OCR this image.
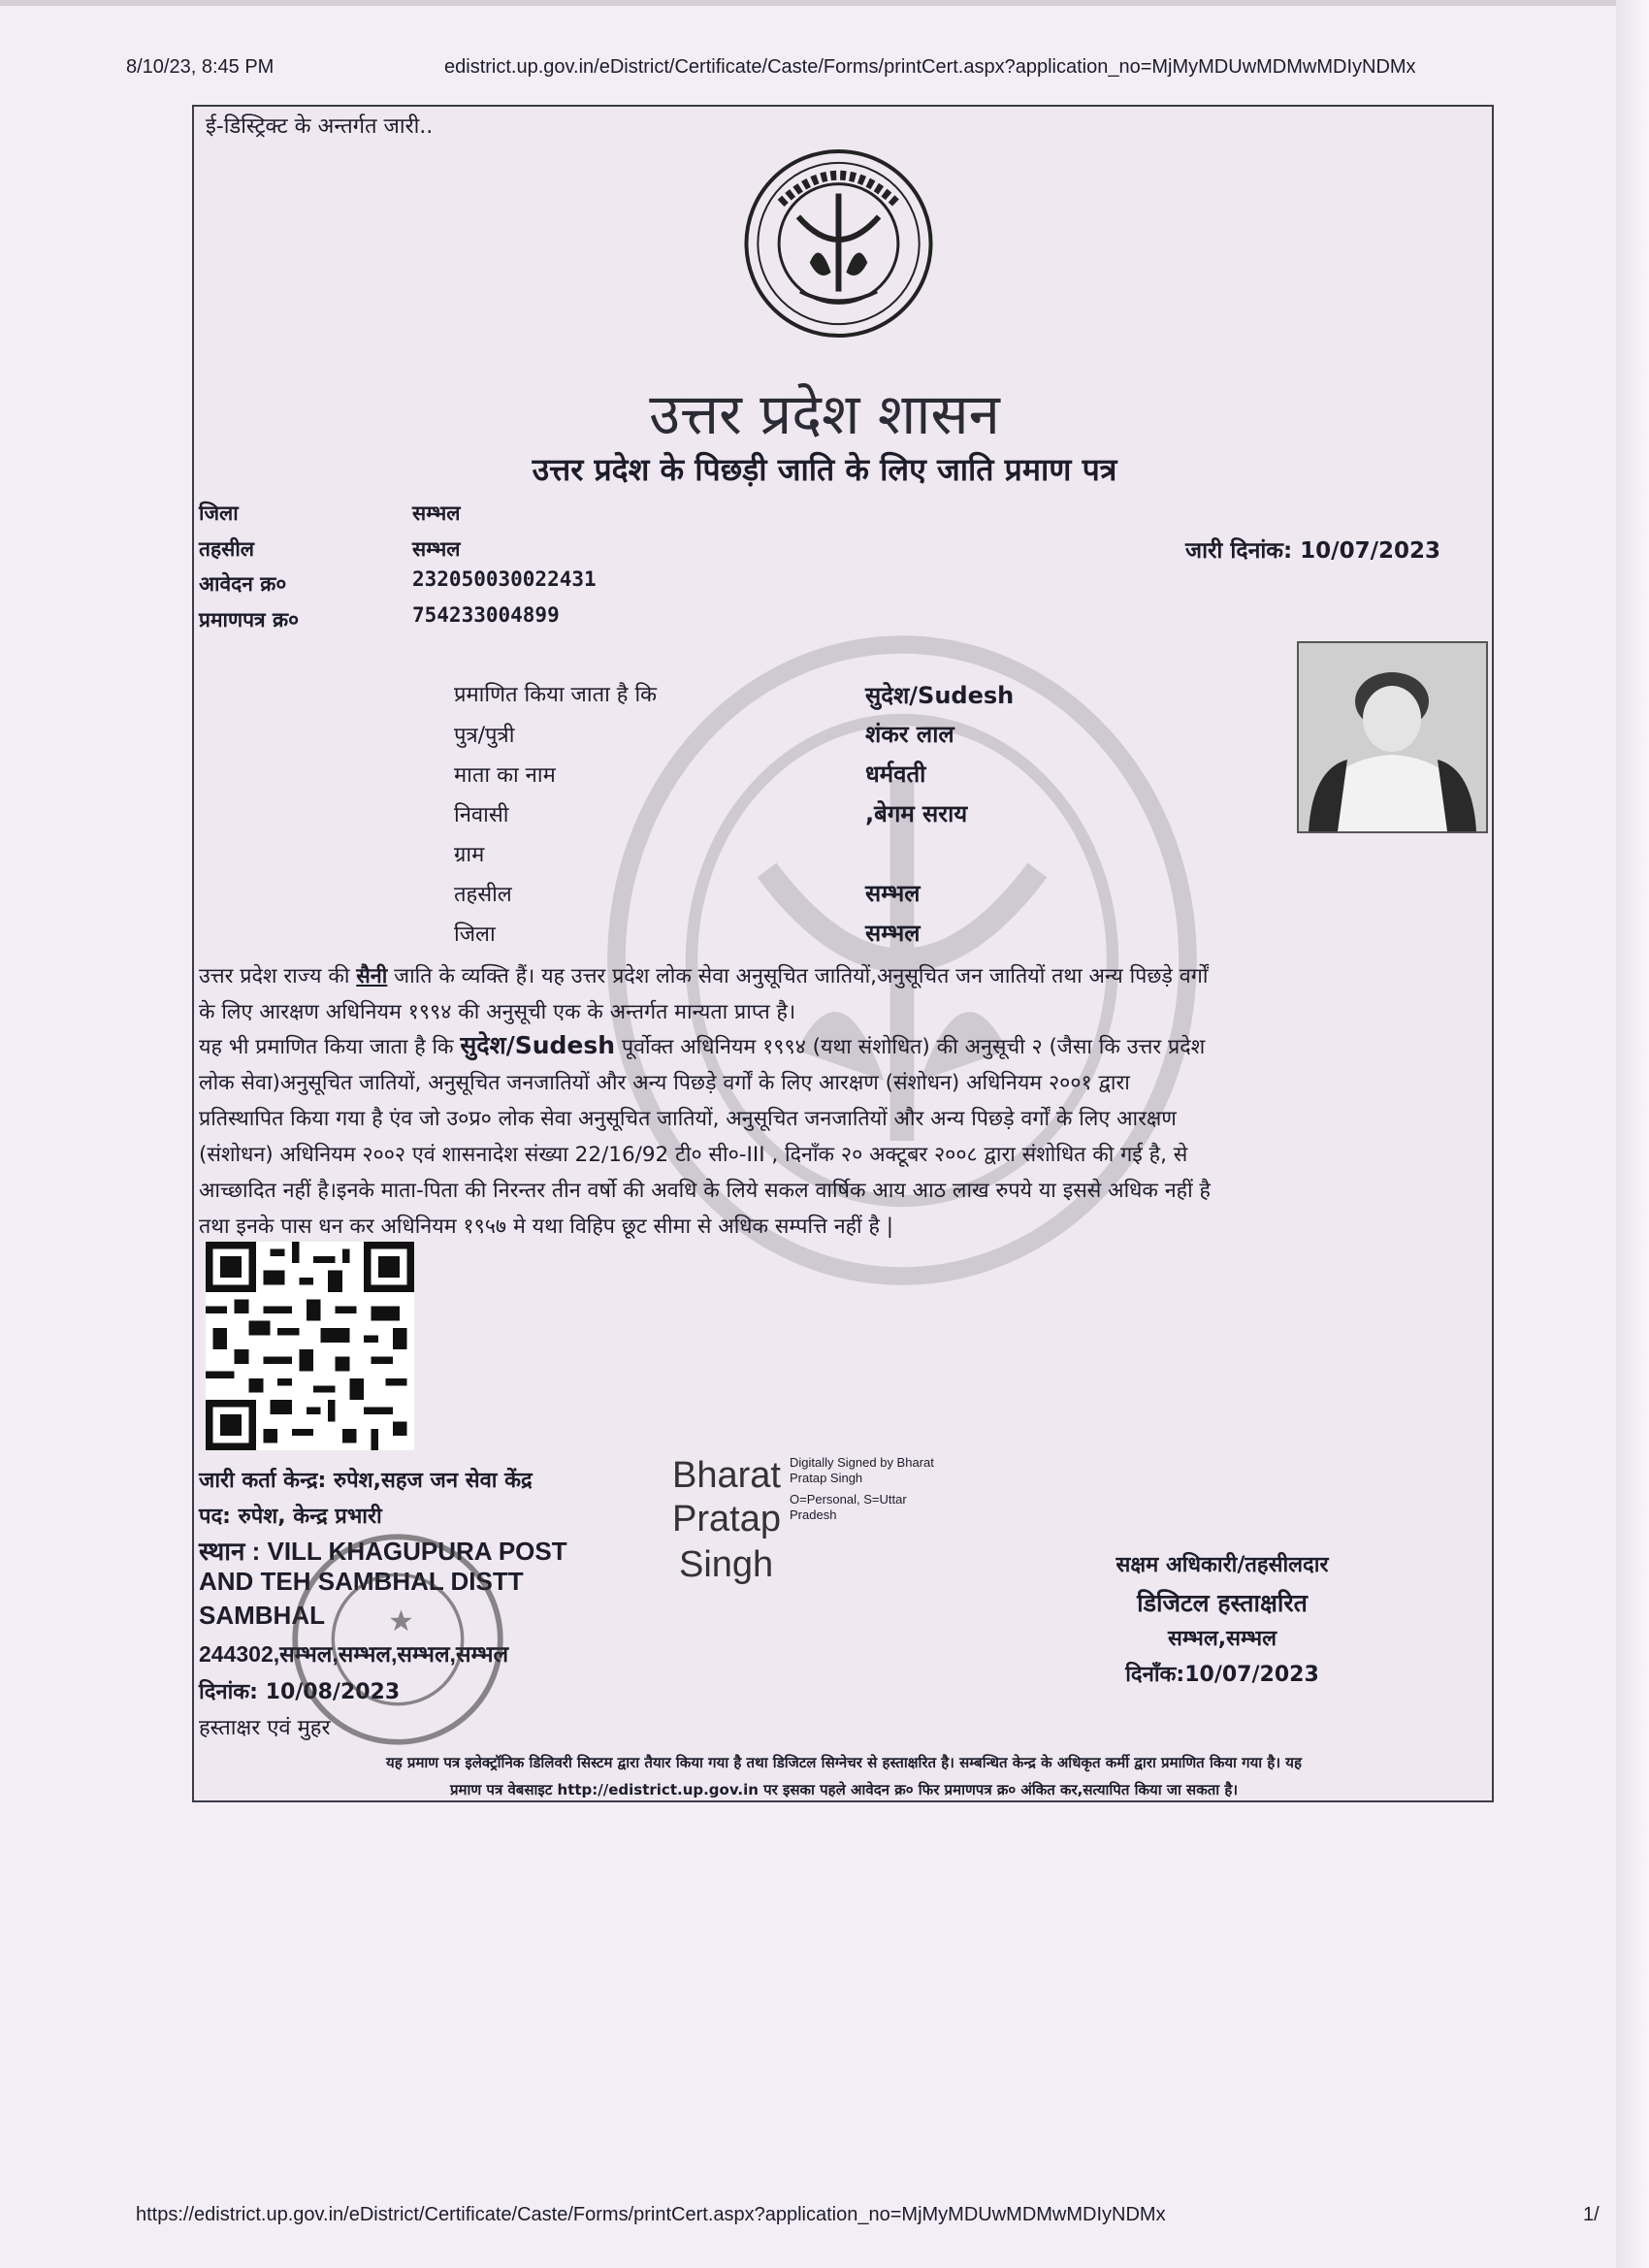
8/10/23, 8:45 PM	edistrict.up.gov.in/eDistrict/Certificate/Caste/Forms/printCert.aspx?application_no=MjMyMDUwMDMwMDIyNDMx
ई-डिस्ट्रिक्ट के अन्तर्गत जारी..
उत्तर प्रदेश शासन
उत्तर प्रदेश के पिछड़ी जाति के लिए जाति प्रमाण पत्र
जिला	सम्भल
तहसील	सम्भल
आवेदन क्र०	232050030022431
प्रमाणपत्र क्र०	754233004899
जारी दिनांक: 10/07/2023
प्रमाणित किया जाता है कि	सुदेश/Sudesh
पुत्र/पुत्री	शंकर लाल
माता का नाम	धर्मवती
निवासी	,बेगम सराय
ग्राम
तहसील	सम्भल
जिला	सम्भल
उत्तर प्रदेश राज्य की सैनी जाति के व्यक्ति हैं। यह उत्तर प्रदेश लोक सेवा अनुसूचित जातियों,अनुसूचित जन जातियों तथा अन्य पिछड़े वर्गों
के लिए आरक्षण अधिनियम १९९४ की अनुसूची एक के अन्तर्गत मान्यता प्राप्त है।
यह भी प्रमाणित किया जाता है कि सुदेश/Sudesh पूर्वोक्त अधिनियम १९९४ (यथा संशोधित) की अनुसूची २ (जैसा कि उत्तर प्रदेश
लोक सेवा)अनुसूचित जातियों, अनुसूचित जनजातियों और अन्य पिछड़े वर्गों के लिए आरक्षण (संशोधन) अधिनियम २००१ द्वारा
प्रतिस्थापित किया गया है एंव जो उ०प्र० लोक सेवा अनुसूचित जातियों, अनुसूचित जनजातियों और अन्य पिछड़े वर्गों के लिए आरक्षण
(संशोधन) अधिनियम २००२ एवं शासनादेश संख्या 22/16/92 टी० सी०-III , दिनाँक २० अक्टूबर २००८ द्वारा संशोधित की गई है, से
आच्छादित नहीं है।इनके माता-पिता की निरन्तर तीन वर्षो की अवधि के लिये सकल वार्षिक आय आठ लाख रुपये या इससे अधिक नहीं है
तथा इनके पास धन कर अधिनियम १९५७ मे यथा विहिप छूट सीमा से अधिक सम्पत्ति नहीं है |
जारी कर्ता केन्द्र: रुपेश,सहज जन सेवा केंद्र
पद: रुपेश, केन्द्र प्रभारी
स्थान : VILL KHAGUPURA POST
AND TEH SAMBHAL DISTT
SAMBHAL
244302,सम्भल,सम्भल,सम्भल,सम्भल
दिनांक: 10/08/2023
हस्ताक्षर एवं मुहर
Bharat
Pratap
Singh
Digitally Signed by Bharat
Pratap Singh
O=Personal, S=Uttar
Pradesh
सक्षम अधिकारी/तहसीलदार
डिजिटल हस्ताक्षरित
सम्भल,सम्भल
दिनाँक:10/07/2023
यह प्रमाण पत्र इलेक्ट्रॉनिक डिलिवरी सिस्टम द्वारा तैयार किया गया है तथा डिजिटल सिग्नेचर से हस्ताक्षरित है। सम्बन्धित केन्द्र के अधिकृत कर्मी द्वारा प्रमाणित किया गया है। यह
प्रमाण पत्र वेबसाइट http://edistrict.up.gov.in पर इसका पहले आवेदन क्र० फिर प्रमाणपत्र क्र० अंकित कर,सत्यापित किया जा सकता है।
https://edistrict.up.gov.in/eDistrict/Certificate/Caste/Forms/printCert.aspx?application_no=MjMyMDUwMDMwMDIyNDMx	1/
